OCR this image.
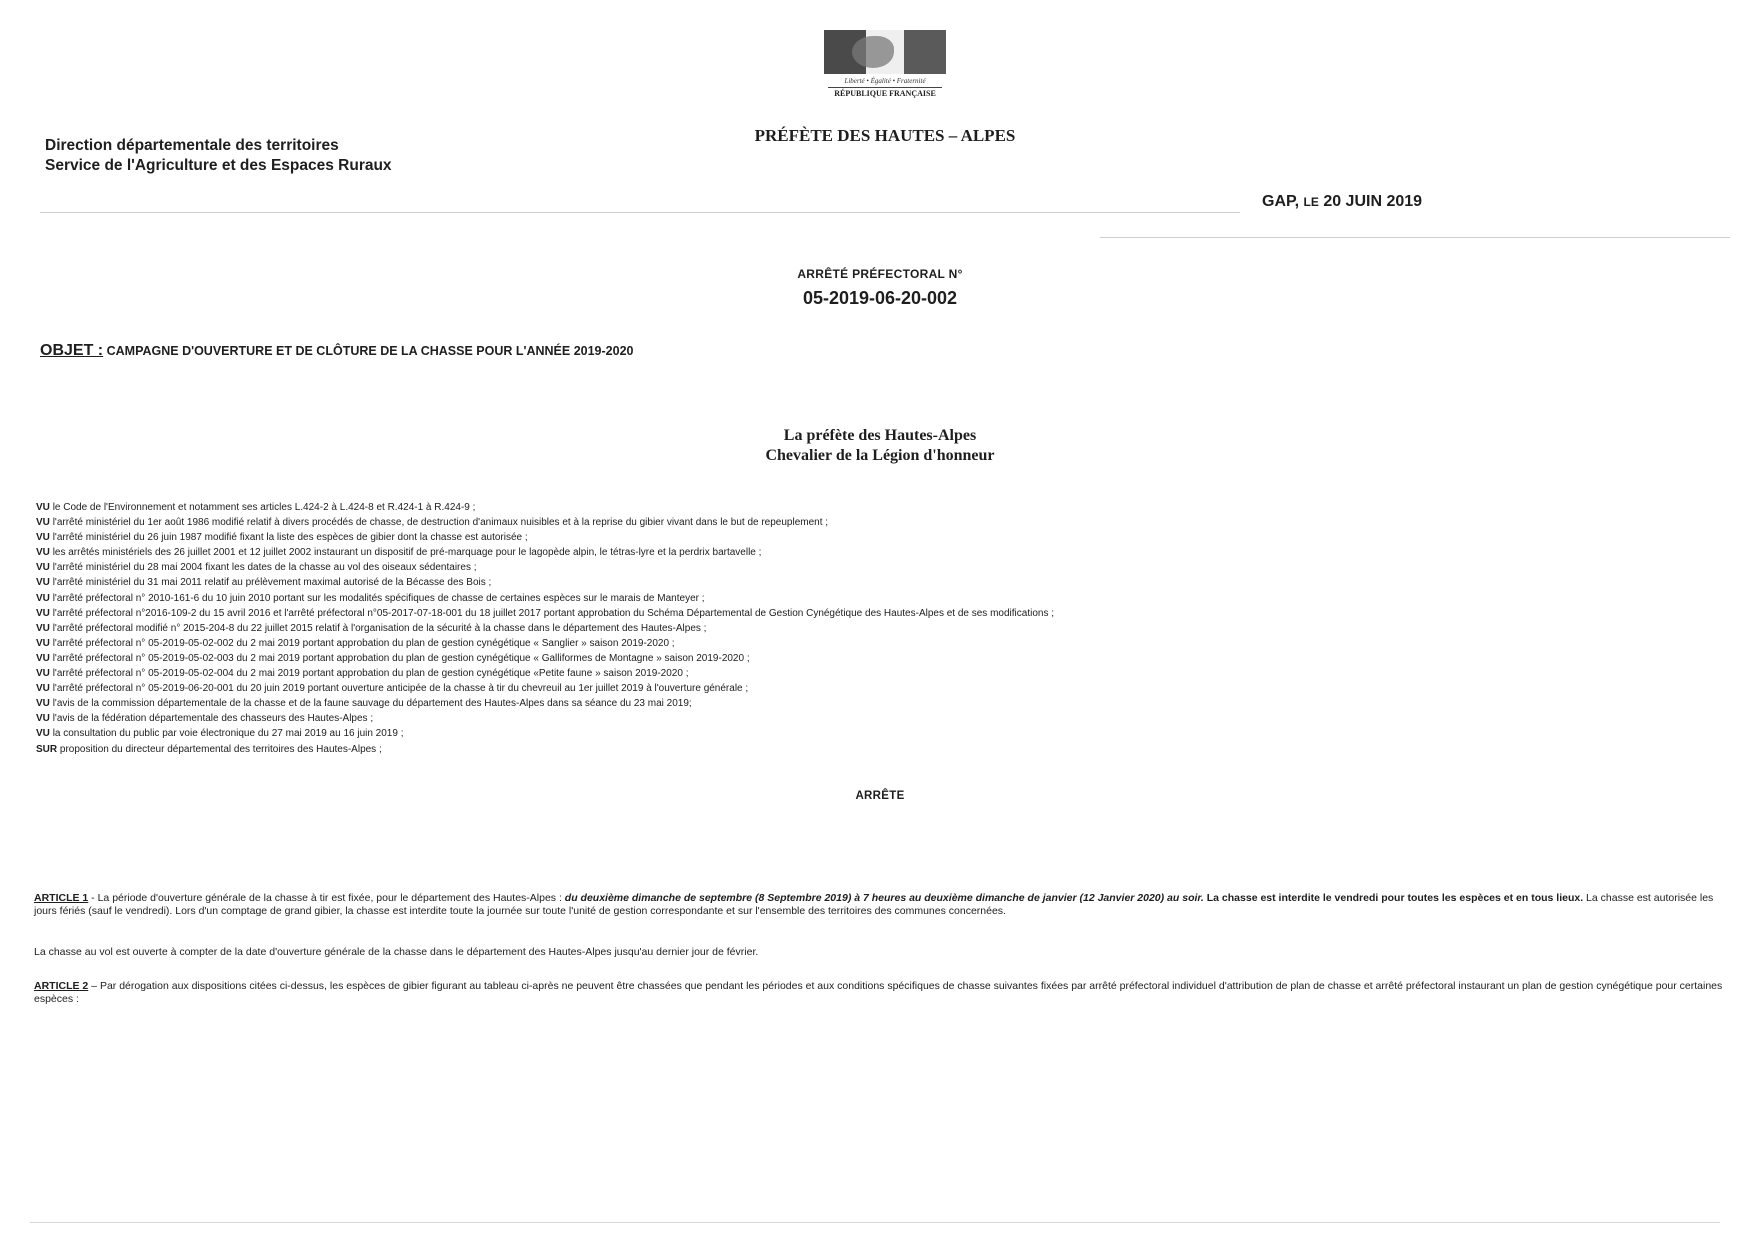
Liberté • Égalité • Fraternité
RÉPUBLIQUE FRANÇAISE
PRÉFÈTE DES HAUTES – ALPES
Direction départementale des territoires
Service de l'Agriculture et des Espaces Ruraux
GAP, LE 20 JUIN 2019
ARRÊTÉ PRÉFECTORAL N°
05-2019-06-20-002
OBJET : CAMPAGNE D'OUVERTURE ET DE CLÔTURE DE LA CHASSE POUR L'ANNÉE 2019-2020
La préfète des Hautes-Alpes
Chevalier de la Légion d'honneur
VU le Code de l'Environnement et notamment ses articles L.424-2 à L.424-8 et R.424-1 à R.424-9 ;
VU l'arrêté ministériel du 1er août 1986 modifié relatif à divers procédés de chasse, de destruction d'animaux nuisibles et à la reprise du gibier vivant dans le but de repeuplement ;
VU l'arrêté ministériel du 26 juin 1987 modifié fixant la liste des espèces de gibier dont la chasse est autorisée ;
VU les arrêtés ministériels des 26 juillet 2001 et 12 juillet 2002 instaurant un dispositif de pré-marquage pour le lagopède alpin, le tétras-lyre et la perdrix bartavelle ;
VU l'arrêté ministériel du 28 mai 2004 fixant les dates de la chasse au vol des oiseaux sédentaires ;
VU l'arrêté ministériel du 31 mai 2011 relatif au prélèvement maximal autorisé de la Bécasse des Bois ;
VU l'arrêté préfectoral n° 2010-161-6 du 10 juin 2010 portant sur les modalités spécifiques de chasse de certaines espèces sur le marais de Manteyer ;
VU l'arrêté préfectoral n°2016-109-2 du 15 avril 2016 et l'arrêté préfectoral n°05-2017-07-18-001 du 18 juillet 2017 portant approbation du Schéma Départemental de Gestion Cynégétique des Hautes-Alpes et de ses modifications ;
VU l'arrêté préfectoral modifié n° 2015-204-8 du 22 juillet 2015 relatif à l'organisation de la sécurité à la chasse dans le département des Hautes-Alpes ;
VU l'arrêté préfectoral n° 05-2019-05-02-002 du 2 mai 2019 portant approbation du plan de gestion cynégétique « Sanglier » saison 2019-2020 ;
VU l'arrêté préfectoral n° 05-2019-05-02-003 du 2 mai 2019 portant approbation du plan de gestion cynégétique « Galliformes de Montagne » saison 2019-2020 ;
VU l'arrêté préfectoral n° 05-2019-05-02-004 du 2 mai 2019 portant approbation du plan de gestion cynégétique «Petite faune » saison 2019-2020 ;
VU l'arrêté préfectoral n° 05-2019-06-20-001 du 20 juin 2019 portant ouverture anticipée de la chasse à tir du chevreuil au 1er juillet 2019 à l'ouverture générale ;
VU l'avis de la commission départementale de la chasse et de la faune sauvage du département des Hautes-Alpes dans sa séance du 23 mai 2019;
VU l'avis de la fédération départementale des chasseurs des Hautes-Alpes ;
VU la consultation du public par voie électronique du 27 mai 2019 au 16 juin 2019 ;
SUR proposition du directeur départemental des territoires des Hautes-Alpes ;
ARRÊTE
ARTICLE 1 - La période d'ouverture générale de la chasse à tir est fixée, pour le département des Hautes-Alpes : du deuxième dimanche de septembre (8 Septembre 2019) à 7 heures au deuxième dimanche de janvier (12 Janvier 2020) au soir. La chasse est interdite le vendredi pour toutes les espèces et en tous lieux. La chasse est autorisée les jours fériés (sauf le vendredi). Lors d'un comptage de grand gibier, la chasse est interdite toute la journée sur toute l'unité de gestion correspondante et sur l'ensemble des territoires des communes concernées.
La chasse au vol est ouverte à compter de la date d'ouverture générale de la chasse dans le département des Hautes-Alpes jusqu'au dernier jour de février.
ARTICLE 2 – Par dérogation aux dispositions citées ci-dessus, les espèces de gibier figurant au tableau ci-après ne peuvent être chassées que pendant les périodes et aux conditions spécifiques de chasse suivantes fixées par arrêté préfectoral individuel d'attribution de plan de chasse et arrêté préfectoral instaurant un plan de gestion cynégétique pour certaines espèces :
